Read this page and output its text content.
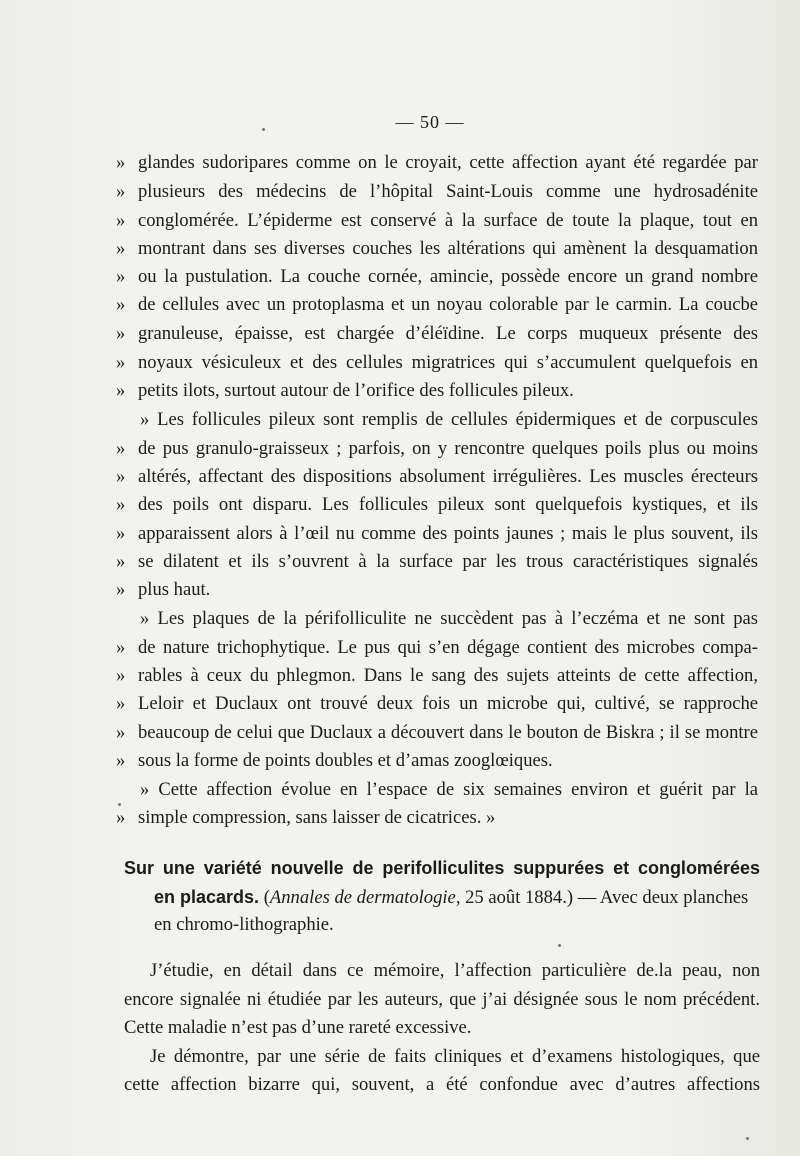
— 50 —
» glandes sudoripares comme on le croyait, cette affection ayant été regardée par
» plusieurs des médecins de l’hôpital Saint-Louis comme une hydrosadénite
» conglomérée. L’épiderme est conservé à la surface de toute la plaque, tout en
» montrant dans ses diverses couches les altérations qui amènent la desquamation
» ou la pustulation. La couche cornée, amincie, possède encore un grand nombre
» de cellules avec un protoplasma et un noyau colorable par le carmin. La coucbe
» granuleuse, épaisse, est chargée d’éléïdine. Le corps muqueux présente des
» noyaux vésiculeux et des cellules migratrices qui s’accumulent quelquefois en
» petits ilots, surtout autour de l’orifice des follicules pileux.
» Les follicules pileux sont remplis de cellules épidermiques et de corpuscules
» de pus granulo-graisseux ; parfois, on y rencontre quelques poils plus ou moins
» altérés, affectant des dispositions absolument irrégulières. Les muscles érecteurs
» des poils ont disparu. Les follicules pileux sont quelquefois kystiques, et ils
» apparaissent alors à l’œil nu comme des points jaunes ; mais le plus souvent, ils
» se dilatent et ils s’ouvrent à la surface par les trous caractéristiques signalés
» plus haut.
» Les plaques de la périfolliculite ne succèdent pas à l’eczéma et ne sont pas
» de nature trichophytique. Le pus qui s’en dégage contient des microbes compa-
» rables à ceux du phlegmon. Dans le sang des sujets atteints de cette affection,
» Leloir et Duclaux ont trouvé deux fois un microbe qui, cultivé, se rapproche
» beaucoup de celui que Duclaux a découvert dans le bouton de Biskra ; il se montre
» sous la forme de points doubles et d’amas zooglœiques.
» Cette affection évolue en l’espace de six semaines environ et guérit par la
» simple compression, sans laisser de cicatrices. »
Sur une variété nouvelle de perifolliculites suppurées et conglomérées
en placards. (Annales de dermatologie, 25 août 1884.) — Avec deux planches
en chromo-lithographie.
J’étudie, en détail dans ce mémoire, l’affection particulière de.la peau, non
encore signalée ni étudiée par les auteurs, que j’ai désignée sous le nom précédent.
Cette maladie n’est pas d’une rareté excessive.
Je démontre, par une série de faits cliniques et d’examens histologiques, que
cette affection bizarre qui, souvent, a été confondue avec d’autres affections
